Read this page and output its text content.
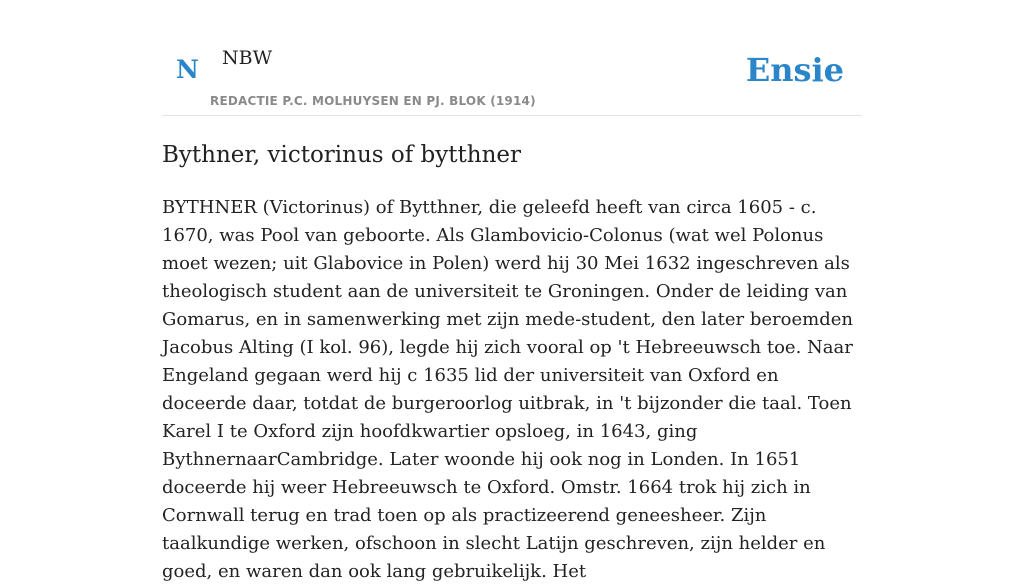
N NBW
REDACTIE P.C. MOLHUYSEN EN PJ. BLOK (1914)
Ensie
Bythner, victorinus of bytthner

BYTHNER (Victorinus) of Bytthner, die geleefd heeft van circa 1605 - c. 1670, was Pool van geboorte. Als Glambovicio-Colonus (wat wel Polonus moet wezen; uit Glabovice in Polen) werd hij 30 Mei 1632 ingeschreven als theologisch student aan de universiteit te Groningen. Onder de leiding van Gomarus, en in samenwerking met zijn mede-student, den later beroemden Jacobus Alting (I kol. 96), legde hij zich vooral op 't Hebreeuwsch toe. Naar Engeland gegaan werd hij c 1635 lid der universiteit van Oxford en doceerde daar, totdat de burgeroorlog uitbrak, in 't bijzonder die taal. Toen Karel I te Oxford zijn hoofdkwartier opsloeg, in 1643, ging BythnernaarCambridge. Later woonde hij ook nog in Londen. In 1651 doceerde hij weer Hebreeuwsch te Oxford. Omstr. 1664 trok hij zich in Cornwall terug en trad toen op als practizeerend geneesheer. Zijn taalkundige werken, ofschoon in slecht Latijn geschreven, zijn helder en goed, en waren dan ook lang gebruikelijk. Het
